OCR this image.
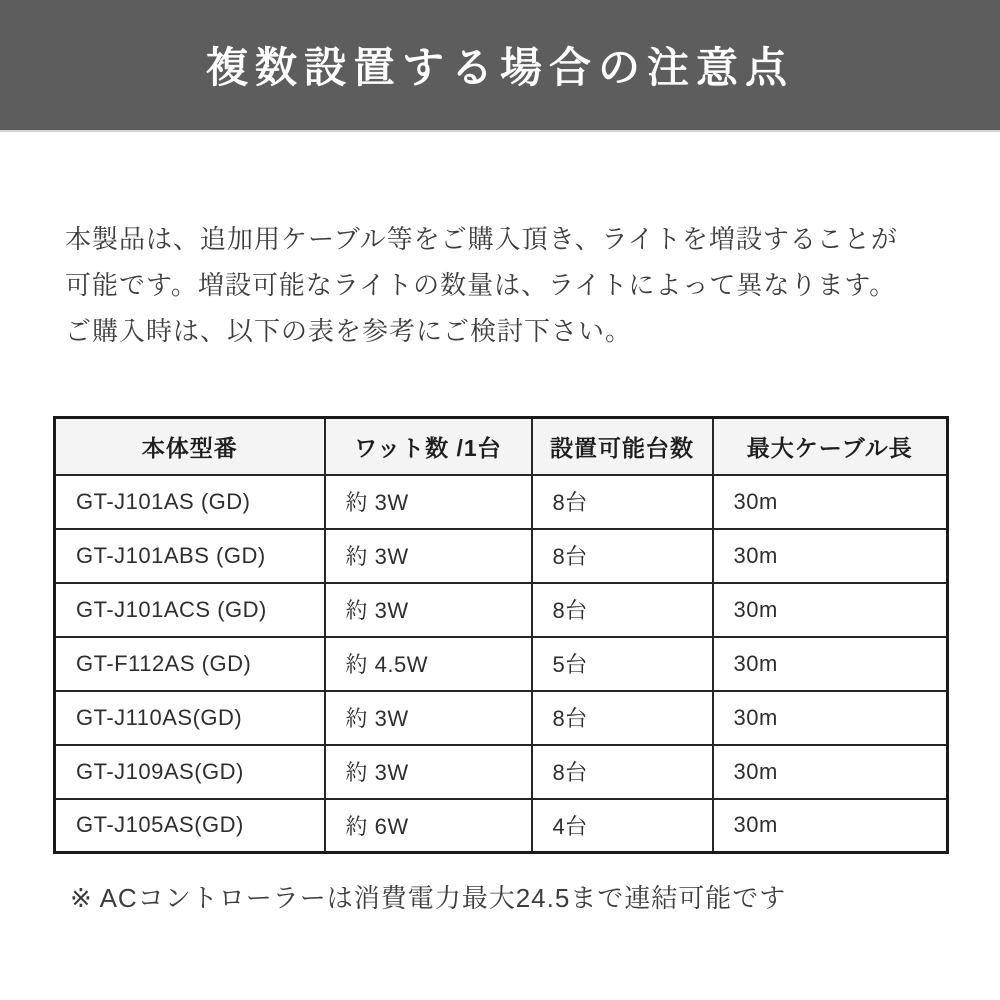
複数設置する場合の注意点
本製品は、追加用ケーブル等をご購入頂き、ライトを増設することが
可能です。増設可能なライトの数量は、ライトによって異なります。
ご購入時は、以下の表を参考にご検討下さい。
本体型番	ワット数 /1台	設置可能台数	最大ケーブル長
GT-J101AS (GD)	約 3W	8台	30m
GT-J101ABS (GD)	約 3W	8台	30m
GT-J101ACS (GD)	約 3W	8台	30m
GT-F112AS (GD)	約 4.5W	5台	30m
GT-J110AS(GD)	約 3W	8台	30m
GT-J109AS(GD)	約 3W	8台	30m
GT-J105AS(GD)	約 6W	4台	30m
※ ACコントローラーは消費電力最大24.5まで連結可能です
